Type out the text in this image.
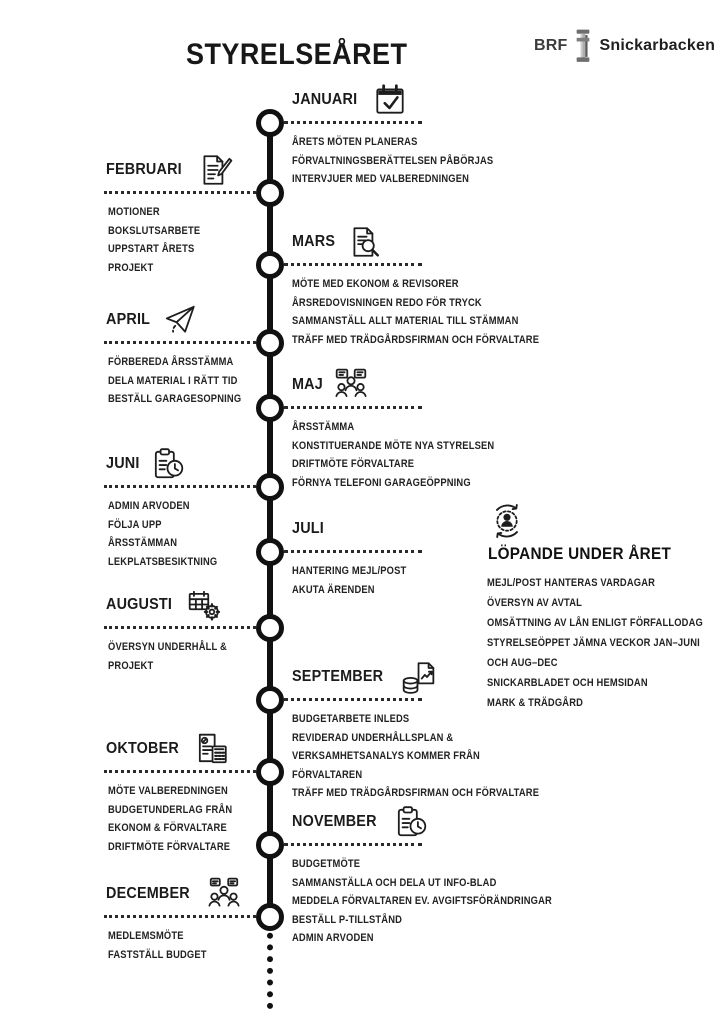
STYRELSEÅRET	BRF Snickarbacken
JANUARI
ÅRETS MÖTEN PLANERAS
FÖRVALTNINGSBERÄTTELSEN PÅBÖRJAS
INTERVJUER MED VALBEREDNINGEN
FEBRUARI
MOTIONER
BOKSLUTSARBETE
UPPSTART ÅRETS
PROJEKT
MARS
MÖTE MED EKONOM & REVISORER
ÅRSREDOVISNINGEN REDO FÖR TRYCK
SAMMANSTÄLL ALLT MATERIAL TILL STÄMMAN
TRÄFF MED TRÄDGÅRDSFIRMAN OCH FÖRVALTARE
APRIL
FÖRBEREDA ÅRSSTÄMMA
DELA MATERIAL I RÄTT TID
BESTÄLL GARAGESOPNING
MAJ
ÅRSSTÄMMA
KONSTITUERANDE MÖTE NYA STYRELSEN
DRIFTMÖTE FÖRVALTARE
FÖRNYA TELEFONI GARAGEÖPPNING
JUNI
ADMIN ARVODEN
FÖLJA UPP
ÅRSSTÄMMAN
LEKPLATSBESIKTNING
JULI
HANTERING MEJL/POST
AKUTA ÄRENDEN
AUGUSTI
ÖVERSYN UNDERHÅLL &
PROJEKT
SEPTEMBER
BUDGETARBETE INLEDS
REVIDERAD UNDERHÅLLSPLAN &
VERKSAMHETSANALYS KOMMER FRÅN
FÖRVALTAREN
TRÄFF MED TRÄDGÅRDSFIRMAN OCH FÖRVALTARE
OKTOBER
MÖTE VALBEREDNINGEN
BUDGETUNDERLAG FRÅN
EKONOM & FÖRVALTARE
DRIFTMÖTE FÖRVALTARE
NOVEMBER
BUDGETMÖTE
SAMMANSTÄLLA OCH DELA UT INFO-BLAD
MEDDELA FÖRVALTAREN EV. AVGIFTSFÖRÄNDRINGAR
BESTÄLL P-TILLSTÅND
ADMIN ARVODEN
DECEMBER
MEDLEMSMÖTE
FASTSTÄLL BUDGET
LÖPANDE UNDER ÅRET
MEJL/POST HANTERAS VARDAGAR
ÖVERSYN AV AVTAL
OMSÄTTNING AV LÅN ENLIGT FÖRFALLODAG
STYRELSEÖPPET JÄMNA VECKOR JAN–JUNI
OCH AUG–DEC
SNICKARBLADET OCH HEMSIDAN
MARK & TRÄDGÅRD
